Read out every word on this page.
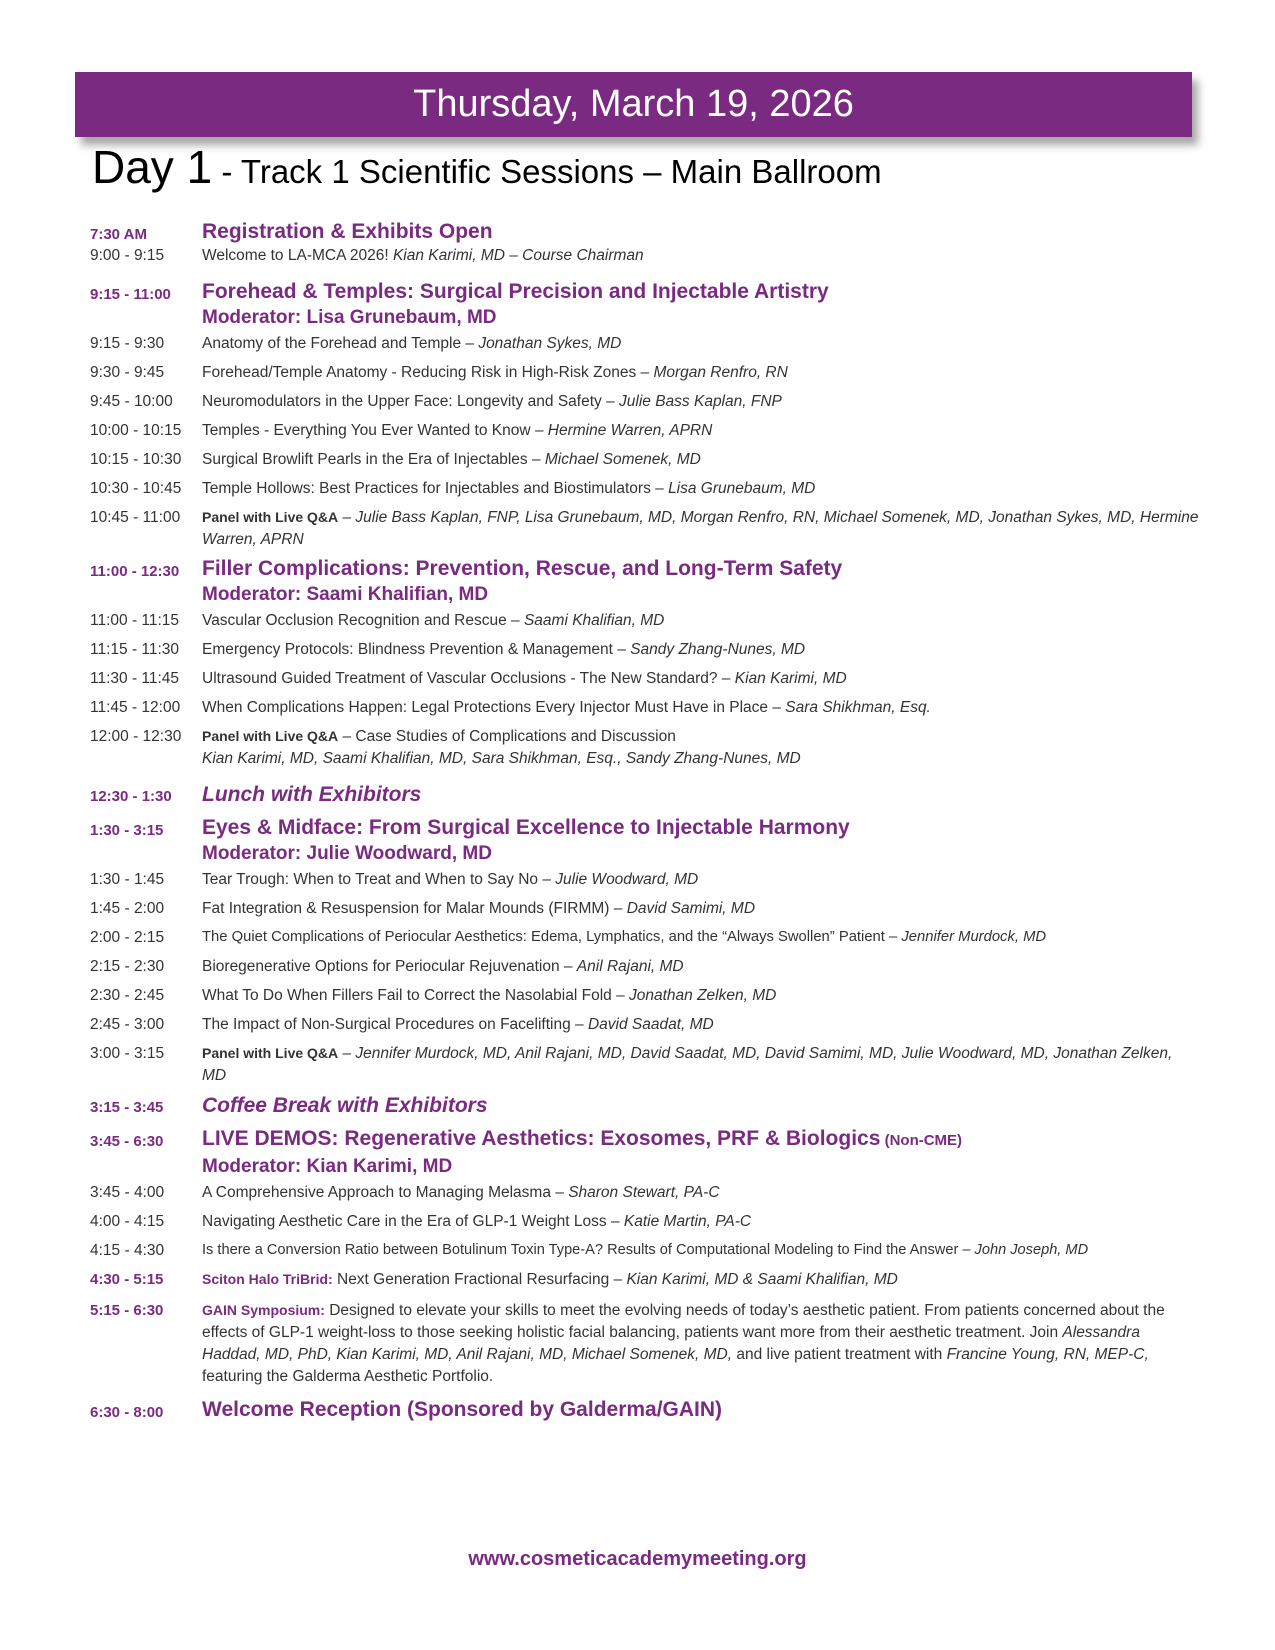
Thursday, March 19, 2026
Day 1 - Track 1 Scientific Sessions – Main Ballroom
7:30 AM	Registration & Exhibits Open
9:00 - 9:15	Welcome to LA-MCA 2026! Kian Karimi, MD – Course Chairman
9:15 - 11:00	Forehead & Temples: Surgical Precision and Injectable Artistry
Moderator: Lisa Grunebaum, MD
9:15 - 9:30	Anatomy of the Forehead and Temple – Jonathan Sykes, MD
9:30 - 9:45	Forehead/Temple Anatomy - Reducing Risk in High-Risk Zones – Morgan Renfro, RN
9:45 - 10:00	Neuromodulators in the Upper Face: Longevity and Safety – Julie Bass Kaplan, FNP
10:00 - 10:15	Temples - Everything You Ever Wanted to Know – Hermine Warren, APRN
10:15 - 10:30	Surgical Browlift Pearls in the Era of Injectables – Michael Somenek, MD
10:30 - 10:45	Temple Hollows: Best Practices for Injectables and Biostimulators – Lisa Grunebaum, MD
10:45 - 11:00	Panel with Live Q&A – Julie Bass Kaplan, FNP, Lisa Grunebaum, MD, Morgan Renfro, RN, Michael Somenek, MD, Jonathan Sykes, MD, Hermine Warren, APRN
11:00 - 12:30	Filler Complications: Prevention, Rescue, and Long-Term Safety
Moderator: Saami Khalifian, MD
11:00 - 11:15	Vascular Occlusion Recognition and Rescue – Saami Khalifian, MD
11:15 - 11:30	Emergency Protocols: Blindness Prevention & Management – Sandy Zhang-Nunes, MD
11:30 - 11:45	Ultrasound Guided Treatment of Vascular Occlusions - The New Standard? – Kian Karimi, MD
11:45 - 12:00	When Complications Happen: Legal Protections Every Injector Must Have in Place – Sara Shikhman, Esq.
12:00 - 12:30	Panel with Live Q&A – Case Studies of Complications and Discussion
Kian Karimi, MD, Saami Khalifian, MD, Sara Shikhman, Esq., Sandy Zhang-Nunes, MD
12:30 - 1:30	Lunch with Exhibitors
1:30 - 3:15	Eyes & Midface: From Surgical Excellence to Injectable Harmony
Moderator: Julie Woodward, MD
1:30 - 1:45	Tear Trough: When to Treat and When to Say No – Julie Woodward, MD
1:45 - 2:00	Fat Integration & Resuspension for Malar Mounds (FIRMM) – David Samimi, MD
2:00 - 2:15	The Quiet Complications of Periocular Aesthetics: Edema, Lymphatics, and the “Always Swollen” Patient – Jennifer Murdock, MD
2:15 - 2:30	Bioregenerative Options for Periocular Rejuvenation – Anil Rajani, MD
2:30 - 2:45	What To Do When Fillers Fail to Correct the Nasolabial Fold – Jonathan Zelken, MD
2:45 - 3:00	The Impact of Non-Surgical Procedures on Facelifting – David Saadat, MD
3:00 - 3:15	Panel with Live Q&A – Jennifer Murdock, MD, Anil Rajani, MD, David Saadat, MD, David Samimi, MD, Julie Woodward, MD, Jonathan Zelken, MD
3:15 - 3:45	Coffee Break with Exhibitors
3:45 - 6:30	LIVE DEMOS: Regenerative Aesthetics: Exosomes, PRF & Biologics (Non-CME)
Moderator: Kian Karimi, MD
3:45 - 4:00	A Comprehensive Approach to Managing Melasma – Sharon Stewart, PA-C
4:00 - 4:15	Navigating Aesthetic Care in the Era of GLP-1 Weight Loss – Katie Martin, PA-C
4:15 - 4:30	Is there a Conversion Ratio between Botulinum Toxin Type-A? Results of Computational Modeling to Find the Answer – John Joseph, MD
4:30 - 5:15	Sciton Halo TriBrid: Next Generation Fractional Resurfacing – Kian Karimi, MD & Saami Khalifian, MD
5:15 - 6:30	GAIN Symposium: Designed to elevate your skills to meet the evolving needs of today’s aesthetic patient. From patients concerned about the effects of GLP-1 weight-loss to those seeking holistic facial balancing, patients want more from their aesthetic treatment. Join Alessandra Haddad, MD, PhD, Kian Karimi, MD, Anil Rajani, MD, Michael Somenek, MD, and live patient treatment with Francine Young, RN, MEP-C, featuring the Galderma Aesthetic Portfolio.
6:30 - 8:00	Welcome Reception (Sponsored by Galderma/GAIN)
www.cosmeticacademymeeting.org
